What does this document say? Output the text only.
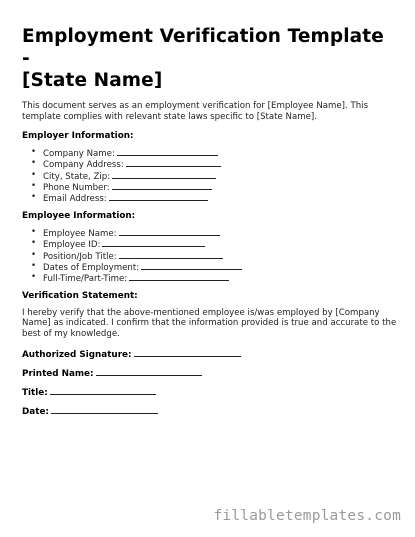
Employment Verification Template -
[State Name]

This document serves as an employment verification for [Employee Name]. This template complies with relevant state laws specific to [State Name].

Employer Information:
• Company Name:
• Company Address:
• City, State, Zip:
• Phone Number:
• Email Address:
Employee Information:
• Employee Name:
• Employee ID:
• Position/Job Title:
• Dates of Employment:
• Full-Time/Part-Time:
Verification Statement:

I hereby verify that the above-mentioned employee is/was employed by [Company Name] as indicated. I confirm that the information provided is true and accurate to the best of my knowledge.

Authorized Signature:

Printed Name:

Title:

Date:

fillabletemplates.com
